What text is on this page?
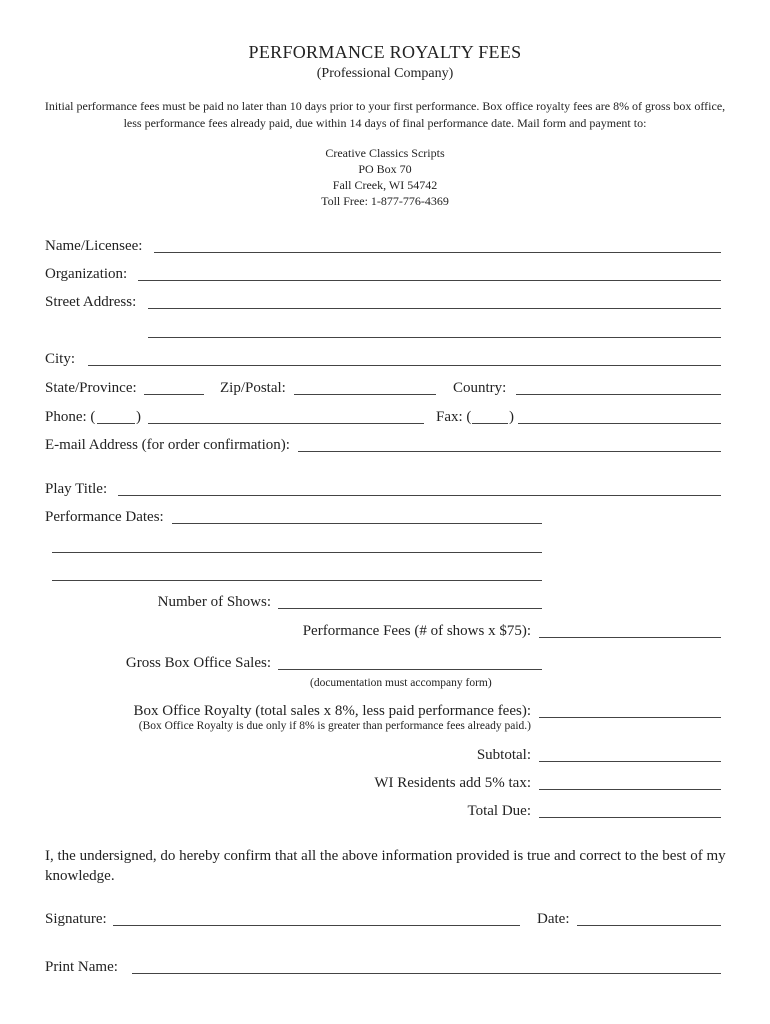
PERFORMANCE ROYALTY FEES
(Professional Company)
Initial performance fees must be paid no later than 10 days prior to your first performance. Box office royalty fees are 8% of gross box office, less performance fees already paid, due within 14 days of final performance date. Mail form and payment to:
Creative Classics Scripts
PO Box 70
Fall Creek, WI 54742
Toll Free: 1-877-776-4369
Name/Licensee:
Organization:
Street Address:
City:
State/Province:	Zip/Postal:	Country:
Phone: (	)	Fax: (	)
E-mail Address (for order confirmation):
Play Title:
Performance Dates:
Number of Shows:
Performance Fees (# of shows x $75):
Gross Box Office Sales:
(documentation must accompany form)
Box Office Royalty (total sales x 8%, less paid performance fees):
(Box Office Royalty is due only if 8% is greater than performance fees already paid.)
Subtotal:
WI Residents add 5% tax:
Total Due:
I, the undersigned, do hereby confirm that all the above information provided is true and correct to the best of my knowledge.
Signature:	Date:
Print Name:
